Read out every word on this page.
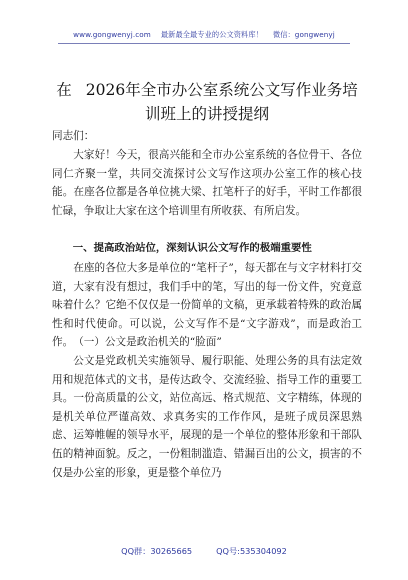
www.gongwenyj.com 最新最全最专业的公文资料库！ 微信：gongwenyj
在 2026年全市办公室系统公文写作业务培
训班上的讲授提纲
同志们：

大家好！今天，很高兴能和全市办公室系统的各位骨干、各位同仁齐聚一堂，共同交流探讨公文写作这项办公室工作的核心技能。在座各位都是各单位挑大梁、扛笔杆子的好手，平时工作都很忙碌，争取让大家在这个培训里有所收获、有所启发。

一、提高政治站位，深刻认识公文写作的极端重要性

在座的各位大多是单位的“笔杆子”，每天都在与文字材料打交道，大家有没有想过，我们手中的笔，写出的每一份文件，究竟意味着什么？它绝不仅仅是一份简单的文稿，更承载着特殊的政治属性和时代使命。可以说，公文写作不是“文字游戏”，而是政治工作。 （一）公文是政治机关的“脸面”

公文是党政机关实施领导、履行职能、处理公务的具有法定效用和规范体式的文书，是传达政令、交流经验、指导工作的重要工具。一份高质量的公文，站位高远、格式规范、文字精练，体现的是机关单位严谨高效、求真务实的工作作风，是班子成员深思熟虑、运筹帷幄的领导水平，展现的是一个单位的整体形象和干部队伍的精神面貌。反之，一份粗制滥造、错漏百出的公文，损害的不仅是办公室的形象，更是整个单位乃

QQ群：30265665	QQ号:535304092
